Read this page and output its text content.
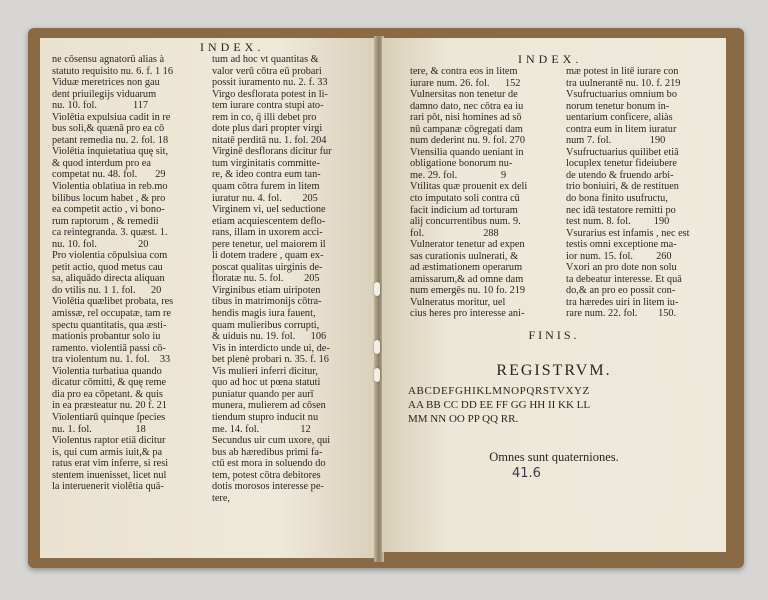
INDEX.
ne cōsensu agnatorū alias à
statuto requisito nu. 6. f. 1 16
Viduæ meretrices non gau
dent priuilegijs viduarum
nu. 10. fol.              117
Violētia expulsiua cadit in re
bus soli,& quænā pro ea cō
petant remedia nu. 2. fol. 18
Violētia inquietatiua quę sit,
& quod interdum pro ea
competat nu. 48. fol.       29
Violentia oblatiua in reb.mo
bilibus locum habet , & pro
ea competit actio , vi bono-
rum raptorum , & remedii
ca reintegranda. 3. quæst. 1.
nu. 10. fol.                20
Pro violentia cōpulsiua com
petit actio, quod metus cau
sa, aliquādo directa aliquan
do vtilis nu. 1 1. fol.      20
Violētia quælibet probata, res
amissæ, rel occupatæ, tam re
spectu quantitatis, qua æsti-
mationis probantur solo iu
ramento. violentiā passi cō-
tra violentum nu. 1. fol.    33
Violentia turbatiua quando
dicatur cōmitti, & quę reme
dia pro ea cōpetant. & quis
in ea præsteatur nu. 20 f. 21
Violentiarū quinque ſpecies
nu. 1. fol.                 18
Violentus raptor etiā dicitur
is, qui cum armis iuit,& pa
ratus erat vim inferre, si resi
stentem inuenisset, licet nul
la interuenerit violētia quā-
tum ad hoc vt quantitas &
valor verū cōtra eū probari
possit iuramento nu. 2. f. 33
Virgo desflorata potest in li-
tem iurare contra stupi ato-
rem in co, q̄ illi debet pro
dote plus dari propter virgi
nitatē perditā nu. 1. fol. 204
Virginē desflorans dicitur fur
tum virginitatis committe-
re, & ideo contra eum tan-
quam cōtra furem in litem
iuratur nu. 4. fol.        205
Virginem vi, uel seductione
etiam acquiescentem deflo-
rans, illam in uxorem acci-
pere tenetur, uel maiorem il
li dotem tradere , quam ex-
poscat qualitas uirginis de-
floratæ nu. 5. fol.        205
Virginibus etiam uiripoten
tibus in matrimonijs cōtra-
hendis magis iura fauent,
quam mulieribus corrupti,
& uiduis nu. 19. fol.      106
Vis in interdicto unde ui, de-
bet plenè probari n. 35. f. 16
Vis mulieri inferri dicitur,
quo ad hoc ut pœna statuti
puniatur quando per aurī
munera, mulierem ad cōsen
tiendum stupro inducit nu
me. 14. fol.                12
Secundus uir cum uxore, qui
bus ab hæredibus primi fa-
ctū est mora in soluendo do
tem, potest cōtra debitores
dotis morosos interesse pe-
tere,
INDEX.
tere, & contra eos in litem
iurare num. 26. fol.      152
Vulnersitas non tenetur de
damno dato, nec cōtra ea iu
rari pōt, nisi homines ad sō
nū campanæ cōgregati dam
num dederint nu. 9. fol. 270
Vtensilia quando ueniant in
obligatione bonorum nu-
me. 29. fol.                 9
Vtilitas quæ prouenit ex deli
cto imputato soli contra cū
facit indicium ad torturam
alij concurrentibus num. 9.
fol.                       288
Vulnerator tenetur ad expen
sas curationis uulnerati, &
ad æstimationem operarum
amissarum,& ad omne dam
num emergēs nu. 10 fo. 219
Vulneratus moritur, uel
cius heres pro interesse ani-
mæ potest in litē iurare con
tra uulnerantē nu. 10. f. 219
Vsufructuarius omnium bo
norum tenetur bonum in-
uentarium conficere, aliàs
contra eum in litem iuratur
num 7. fol.               190
Vsufructuarius quilibet etiā
locuplex tenetur fideiubere
de utendo & fruendo arbi-
trio boniuiri, & de restituen
do bona finito usufructu,
nec idā testatore remitti po
test num. 8. fol.         190
Vsurarius est infamis , nec est
testis omni exceptione ma-
ior num. 15. fol.         260
Vxori an pro dote non solu
ta debeatur interesse. Et quā
do,& an pro eo possit con-
tra hæredes uiri in litem iu-
rare num. 22. fol.        150.
FINIS.
REGISTRVM.
ABCDEFGHIKLMNOPQRSTVXYZ
AA BB CC DD EE FF GG HH II KK LL
MM NN OO PP QQ RR.
Omnes sunt quaterniones.
41.6
